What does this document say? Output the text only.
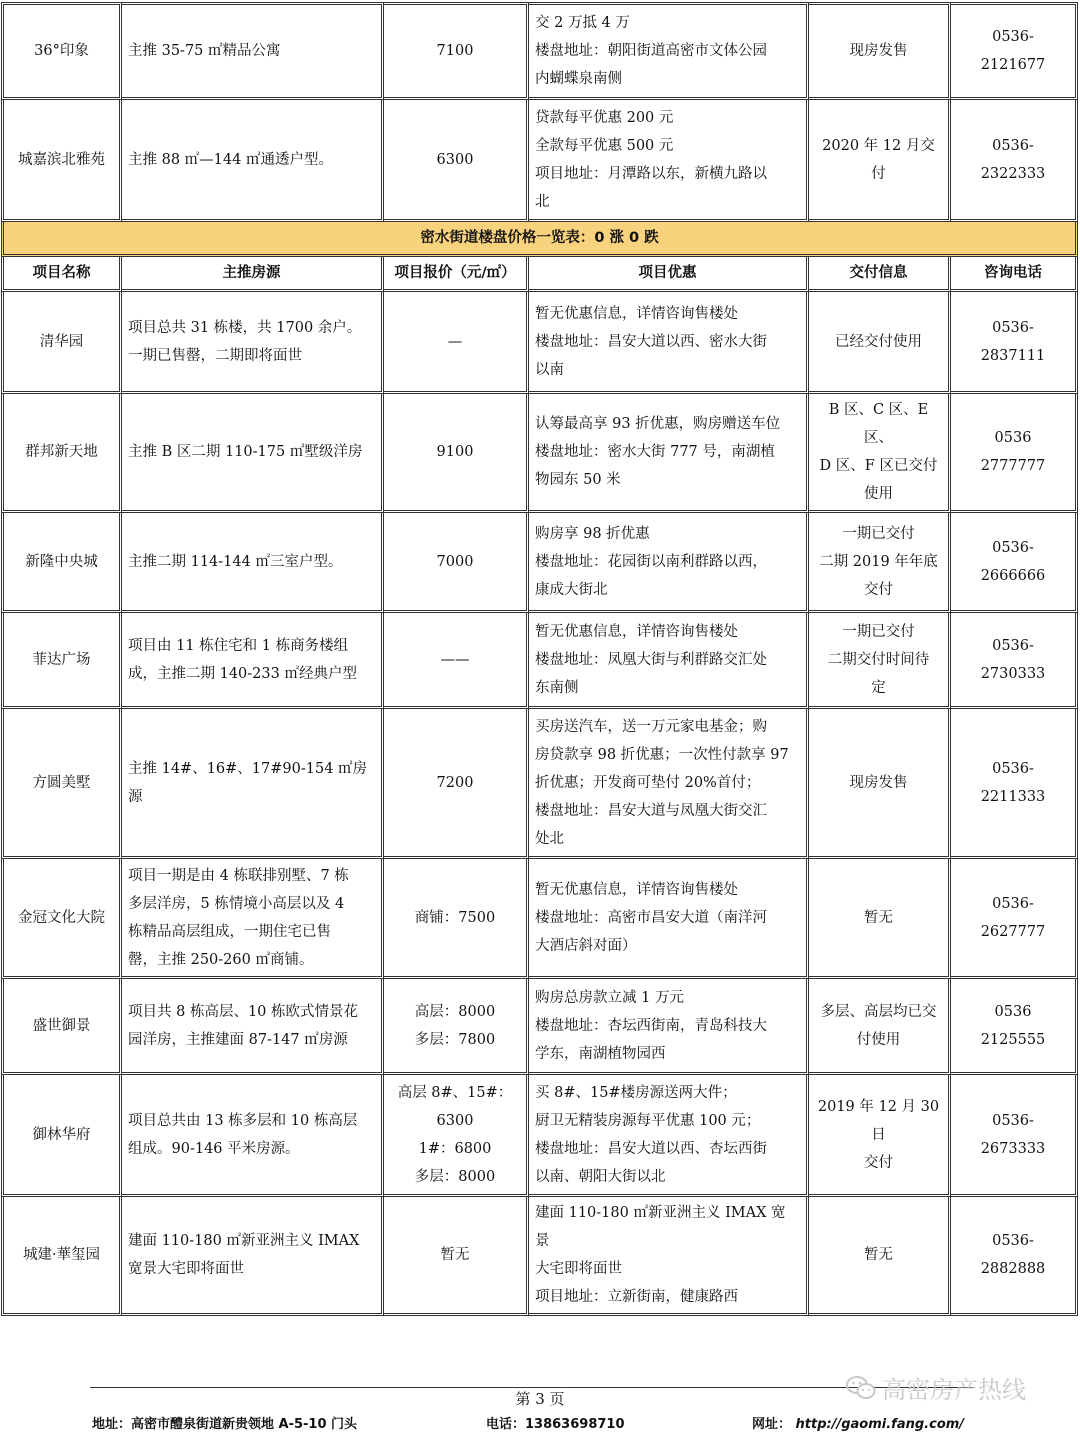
36°印象	主推 35-75 ㎡精品公寓	7100	交 2 万抵 4 万
楼盘地址：朝阳街道高密市文体公园
内蝴蝶泉南侧	现房发售	0536-
2121677

城嘉滨北雅苑	主推 88 ㎡—144 ㎡通透户型。	6300	贷款每平优惠 200 元
全款每平优惠 500 元
项目地址：月潭路以东，新横九路以
北	2020 年 12 月交付	0536-
2322333

密水街道楼盘价格一览表：0 涨 0 跌					
项目名称	主推房源	项目报价（元/㎡）	项目优惠	交付信息	咨询电话
清华园	项目总共 31 栋楼，共 1700 余户。
一期已售罄，二期即将面世	—	暂无优惠信息，详情咨询售楼处
楼盘地址：昌安大道以西、密水大街
以南	已经交付使用	0536-
2837111

群邦新天地	主推 B 区二期 110-175 ㎡墅级洋房	9100	认筹最高享 93 折优惠，购房赠送车位
楼盘地址：密水大街 777 号，南湖植
物园东 50 米	B 区、C 区、E 区、
D 区、F 区已交付
使用	0536
2777777

新隆中央城	主推二期 114-144 ㎡三室户型。	7000	购房享 98 折优惠
楼盘地址：花园街以南利群路以西，
康成大街北	一期已交付
二期 2019 年年底
交付	0536-
2666666

菲达广场	项目由 11 栋住宅和 1 栋商务楼组
成，主推二期 140-233 ㎡经典户型	——	暂无优惠信息，详情咨询售楼处
楼盘地址：凤凰大街与利群路交汇处
东南侧	一期已交付
二期交付时间待
定	0536-
2730333

方圆美墅	主推 14#、16#、17#90-154 ㎡房源	7200	买房送汽车，送一万元家电基金；购
房贷款享 98 折优惠；一次性付款享 97
折优惠；开发商可垫付 20%首付；
楼盘地址：昌安大道与凤凰大街交汇
处北	现房发售	0536-
2211333

金冠文化大院	项目一期是由 4 栋联排别墅、7 栋
多层洋房，5 栋情境小高层以及 4
栋精品高层组成，一期住宅已售
罄，主推 250-260 ㎡商铺。	商铺：7500	暂无优惠信息，详情咨询售楼处
楼盘地址：高密市昌安大道（南洋河
大酒店斜对面）	暂无	0536-
2627777

盛世御景	项目共 8 栋高层、10 栋欧式情景花
园洋房，主推建面 87-147 ㎡房源	高层：8000
多层：7800	购房总房款立减 1 万元
楼盘地址：杏坛西街南，青岛科技大
学东，南湖植物园西	多层、高层均已交
付使用	0536
2125555

御林华府	项目总共由 13 栋多层和 10 栋高层
组成。90-146 平米房源。	高层 8#、15#：6300
1#：6800
多层：8000	买 8#、15#楼房源送两大件；
厨卫无精装房源每平优惠 100 元；
楼盘地址：昌安大道以西、杏坛西街
以南、朝阳大街以北	2019 年 12 月 30 日
交付	0536-
2673333

城建·華玺园	建面 110-180 ㎡新亚洲主义 IMAX
宽景大宅即将面世	暂无	建面 110-180 ㎡新亚洲主义 IMAX 宽景
大宅即将面世
项目地址：立新街南，健康路西	暂无	0536-
2882888
第 3 页
地址：高密市醴泉街道新贵领地 A-5-10 门头	电话：13863698710	网址： http://gaomi.fang.com/
高密房产热线
